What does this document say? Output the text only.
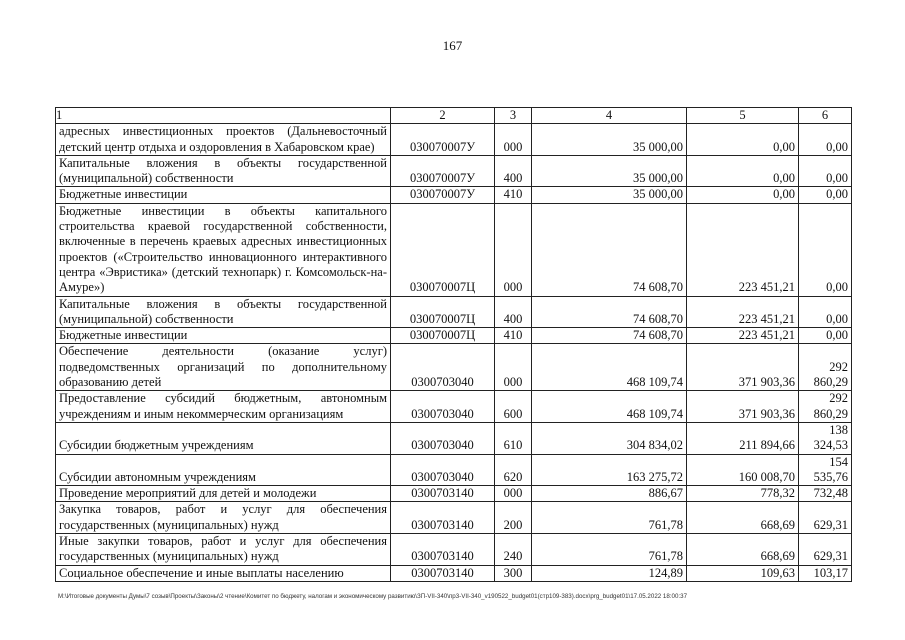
167
1	2	3	4	5	6
адресных инвестиционных проектов (Дальневосточный детский центр отдыха и оздоровления в Хабаровском крае)	030070007У	000	35 000,00	0,00	0,00
Капитальные вложения в объекты государственной (муниципальной) собственности	030070007У	400	35 000,00	0,00	0,00
Бюджетные инвестиции	030070007У	410	35 000,00	0,00	0,00
Бюджетные инвестиции в объекты капитального строительства краевой государственной собственности, включенные в перечень краевых адресных инвестиционных проектов («Строительство инновационного интерактивного центра «Эвристика» (детский технопарк) г. Комсомольск-на-Амуре»)	030070007Ц	000	74 608,70	223 451,21	0,00
Капитальные вложения в объекты государственной (муниципальной) собственности	030070007Ц	400	74 608,70	223 451,21	0,00
Бюджетные инвестиции	030070007Ц	410	74 608,70	223 451,21	0,00
Обеспечение деятельности (оказание услуг) подведомственных организаций по дополнительному образованию детей	0300703040	000	468 109,74	371 903,36	292 860,29
Предоставление субсидий бюджетным, автономным учреждениям и иным некоммерческим организациям	0300703040	600	468 109,74	371 903,36	292 860,29
Субсидии бюджетным учреждениям	0300703040	610	304 834,02	211 894,66	138 324,53
Субсидии автономным учреждениям	0300703040	620	163 275,72	160 008,70	154 535,76
Проведение мероприятий для детей и молодежи	0300703140	000	886,67	778,32	732,48
Закупка товаров, работ и услуг для обеспечения государственных (муниципальных) нужд	0300703140	200	761,78	668,69	629,31
Иные закупки товаров, работ и услуг для обеспечения государственных (муниципальных) нужд	0300703140	240	761,78	668,69	629,31
Социальное обеспечение и иные выплаты населению	0300703140	300	124,89	109,63	103,17
M:\Итоговые документы Думы\7 созыв\Проекты\Законы\2 чтение\Комитет по бюджету, налогам и экономическому развитию\ЗП-VII-340\пр3-VII-340_v190522_budget01(стр109-383).docx\prg_budget01\17.05.2022 18:00:37
